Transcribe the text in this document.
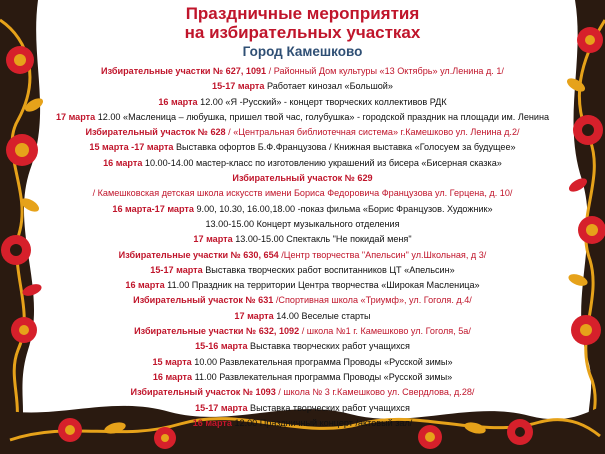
Праздничные мероприятия
на избирательных участках
Город Камешково
Избирательные участки № 627, 1091 / Районный Дом культуры «13 Октябрь» ул.Ленина д. 1/
15-17 марта Работает кинозал «Большой»
16 марта 12.00 «Я -Русский» - концерт творческих коллективов РДК
17 марта 12.00 «Масленица – любушка, пришел твой час, голубушка» - городской праздник на площади им. Ленина
Избирательный участок № 628 / «Центральная библиотечная система» г.Камешково ул. Ленина д.2/
15 марта -17 марта Выставка офортов Б.Ф.Французова / Книжная выставка «Голосуем за будущее»
16 марта 10.00-14.00 мастер-класс по изготовлению украшений из бисера «Бисерная сказка»
Избирательный участок № 629
/ Камешковская детская школа искусств имени Бориса Федоровича Французова ул. Герцена, д. 10/
16 марта-17 марта 9.00, 10.30, 16.00,18.00 -показ фильма «Борис Французов. Художник»
13.00-15.00 Концерт музыкального отделения
17 марта 13.00-15.00 Спектакль "Не покидай меня"
Избирательные участки № 630, 654 /Центр творчества "Апельсин" ул.Школьная, д 3/
15-17 марта Выставка творческих работ воспитанников ЦТ «Апельсин»
16 марта 11.00 Праздник на территории Центра творчества «Широкая Масленица»
Избирательный участок № 631 /Спортивная школа «Триумф», ул. Гоголя. д.4/
17 марта 14.00 Веселые старты
Избирательные участки № 632, 1092 / школа №1 г. Камешково ул. Гоголя, 5а/
15-16 марта Выставка творческих работ учащихся
15 марта 10.00 Развлекательная программа Проводы «Русской зимы»
16 марта 11.00 Развлекательная программа Проводы «Русской зимы»
Избирательный участок № 1093 / школа № 3 г.Камешково ул. Свердлова, д.28/
15-17 марта Выставка творческих работ учащихся
16 марта 12.00 Праздничный концерт /актовый зал/
